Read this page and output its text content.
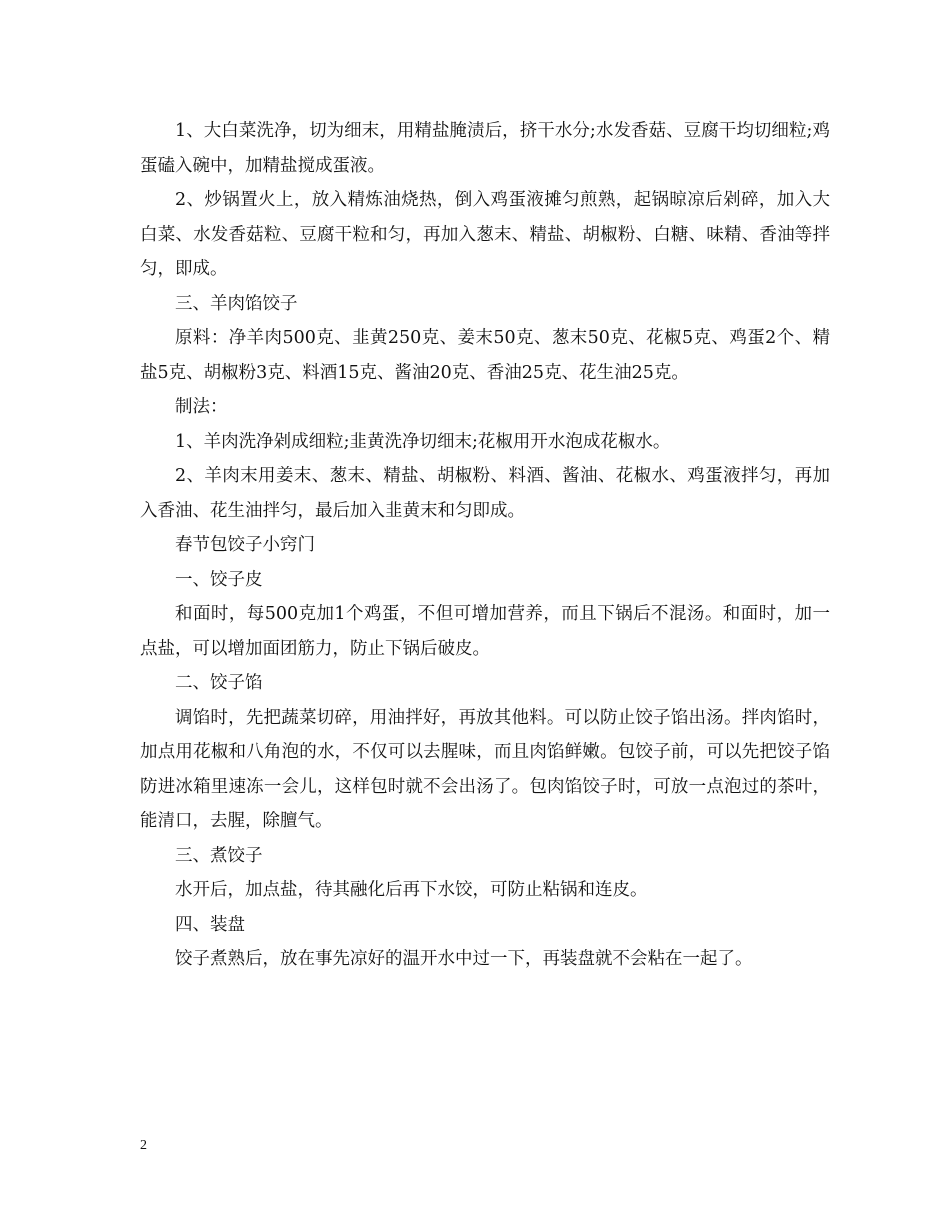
1、大白菜洗净，切为细末，用精盐腌渍后，挤干水分;水发香菇、豆腐干均切细粒;鸡蛋磕入碗中，加精盐搅成蛋液。

2、炒锅置火上，放入精炼油烧热，倒入鸡蛋液摊匀煎熟，起锅晾凉后剁碎，加入大白菜、水发香菇粒、豆腐干粒和匀，再加入葱末、精盐、胡椒粉、白糖、味精、香油等拌匀，即成。

三、羊肉馅饺子

原料：净羊肉500克、韭黄250克、姜末50克、葱末50克、花椒5克、鸡蛋2个、精盐5克、胡椒粉3克、料酒15克、酱油20克、香油25克、花生油25克。

制法：

1、羊肉洗净剁成细粒;韭黄洗净切细末;花椒用开水泡成花椒水。

2、羊肉末用姜末、葱末、精盐、胡椒粉、料酒、酱油、花椒水、鸡蛋液拌匀，再加入香油、花生油拌匀，最后加入韭黄末和匀即成。

春节包饺子小窍门

一、饺子皮

和面时，每500克加1个鸡蛋，不但可增加营养，而且下锅后不混汤。和面时，加一点盐，可以增加面团筋力，防止下锅后破皮。

二、饺子馅

调馅时，先把蔬菜切碎，用油拌好，再放其他料。可以防止饺子馅出汤。拌肉馅时，加点用花椒和八角泡的水，不仅可以去腥味，而且肉馅鲜嫩。包饺子前，可以先把饺子馅防进冰箱里速冻一会儿，这样包时就不会出汤了。包肉馅饺子时，可放一点泡过的茶叶，能清口，去腥，除膻气。

三、煮饺子

水开后，加点盐，待其融化后再下水饺，可防止粘锅和连皮。

四、装盘

饺子煮熟后，放在事先凉好的温开水中过一下，再装盘就不会粘在一起了。

2
